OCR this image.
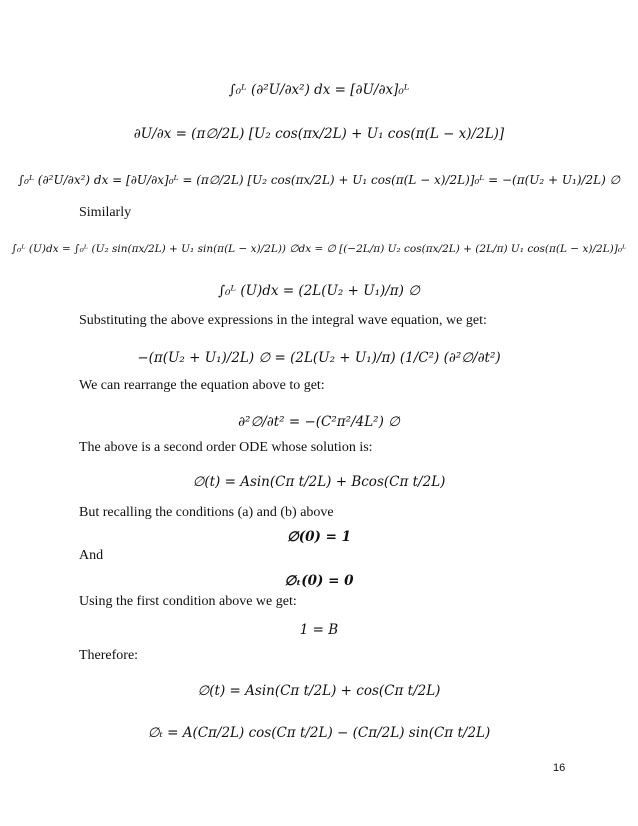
∫₀ᴸ (∂²U/∂x²) dx = [∂U/∂x]₀ᴸ
∂U/∂x = (π∅/2L) [U₂ cos(πx/2L) + U₁ cos(π(L − x)/2L)]
∫₀ᴸ (∂²U/∂x²) dx = [∂U/∂x]₀ᴸ = (π∅/2L) [U₂ cos(πx/2L) + U₁ cos(π(L − x)/2L)]₀ᴸ = −(π(U₂ + U₁)/2L) ∅
Similarly
∫₀ᴸ (U)dx = ∫₀ᴸ (U₂ sin(πx/2L) + U₁ sin(π(L − x)/2L)) ∅dx = ∅ [(−2L/π) U₂ cos(πx/2L) + (2L/π) U₁ cos(π(L − x)/2L)]₀ᴸ
∫₀ᴸ (U)dx = (2L(U₂ + U₁)/π) ∅
Substituting the above expressions in the integral wave equation, we get:
−(π(U₂ + U₁)/2L) ∅ = (2L(U₂ + U₁)/π) (1/C²) (∂²∅/∂t²)
We can rearrange the equation above to get:
∂²∅/∂t² = −(C²π²/4L²) ∅
The above is a second order ODE whose solution is:
∅(t) = Asin(Cπ t/2L) + Bcos(Cπ t/2L)
But recalling the conditions (a) and (b) above
∅(0) = 1
And
∅ₜ(0) = 0
Using the first condition above we get:
1 = B
Therefore:
∅(t) = Asin(Cπ t/2L) + cos(Cπ t/2L)
∅ₜ = A(Cπ/2L) cos(Cπ t/2L) − (Cπ/2L) sin(Cπ t/2L)
16
